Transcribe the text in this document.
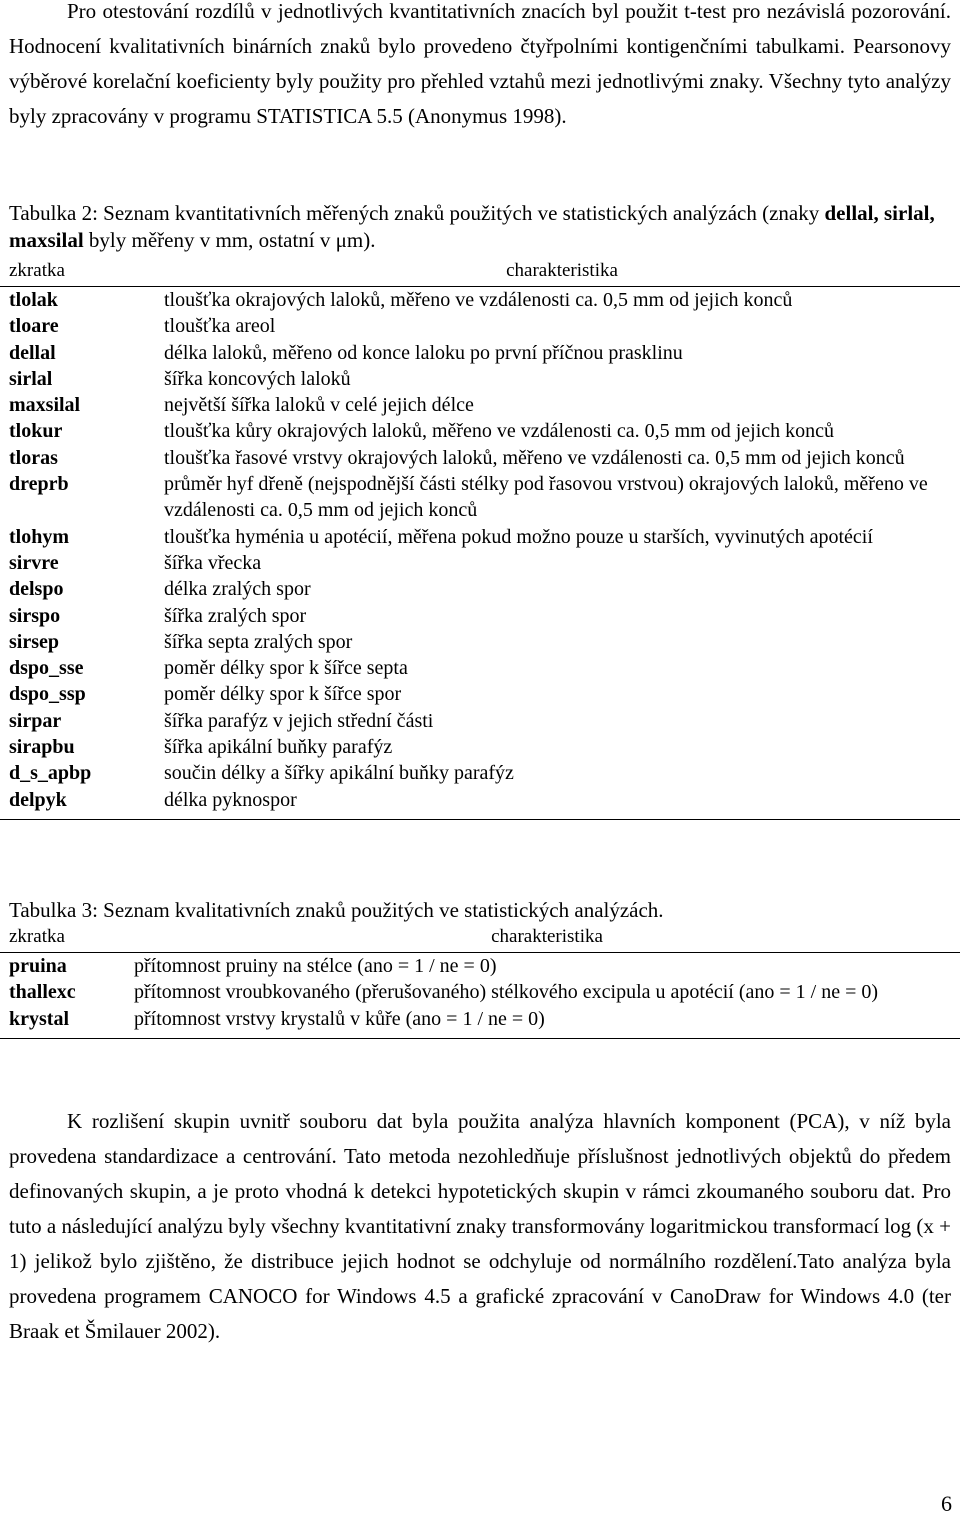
Pro otestování rozdílů v jednotlivých kvantitativních znacích byl použit t-test pro nezávislá pozorování. Hodnocení kvalitativních binárních znaků bylo provedeno čtyřpolními kontigenčními tabulkami. Pearsonovy výběrové korelační koeficienty byly použity pro přehled vztahů mezi jednotlivými znaky. Všechny tyto analýzy byly zpracovány v programu STATISTICA 5.5 (Anonymus 1998).

Tabulka 2: Seznam kvantitativních měřených znaků použitých ve statistických analýzách (znaky dellal, sirlal, maxsilal byly měřeny v mm, ostatní v μm).

zkratka	charakteristika
tlolak	tloušťka okrajových laloků, měřeno ve vzdálenosti ca. 0,5 mm od jejich konců
tloare	tloušťka areol
dellal	délka laloků, měřeno od konce laloku po první příčnou prasklinu
sirlal	šířka koncových laloků
maxsilal	největší šířka laloků v celé jejich délce
tlokur	tloušťka kůry okrajových laloků, měřeno ve vzdálenosti ca. 0,5 mm od jejich konců
tloras	tloušťka řasové vrstvy okrajových laloků, měřeno ve vzdálenosti ca. 0,5 mm od jejich konců
dreprb	průměr hyf dřeně (nejspodnější části stélky pod řasovou vrstvou) okrajových laloků, měřeno ve vzdálenosti ca. 0,5 mm od jejich konců
tlohym	tloušťka hyménia u apotécií, měřena pokud možno pouze u starších, vyvinutých apotécií
sirvre	šířka vřecka
delspo	délka zralých spor
sirspo	šířka zralých spor
sirsep	šířka septa zralých spor
dspo_sse	poměr délky spor k šířce septa
dspo_ssp	poměr délky spor k šířce spor
sirpar	šířka parafýz v jejich střední části
sirapbu	šířka apikální buňky parafýz
d_s_apbp	součin délky a šířky apikální buňky parafýz
delpyk	délka pyknospor

Tabulka 3: Seznam kvalitativních znaků použitých ve statistických analýzách.

zkratka	charakteristika
pruina	přítomnost pruiny na stélce (ano = 1 / ne = 0)
thallexc	přítomnost vroubkovaného (přerušovaného) stélkového excipula u apotécií (ano = 1 / ne = 0)
krystal	přítomnost vrstvy krystalů v kůře (ano = 1 / ne = 0)

K rozlišení skupin uvnitř souboru dat byla použita analýza hlavních komponent (PCA), v níž byla provedena standardizace a centrování. Tato metoda nezohledňuje příslušnost jednotlivých objektů do předem definovaných skupin, a je proto vhodná k detekci hypotetických skupin v rámci zkoumaného souboru dat. Pro tuto a následující analýzu byly všechny kvantitativní znaky transformovány logaritmickou transformací log (x + 1) jelikož bylo zjištěno, že distribuce jejich hodnot se odchyluje od normálního rozdělení.Tato analýza byla provedena programem CANOCO for Windows 4.5 a grafické zpracování v CanoDraw for Windows 4.0 (ter Braak et Šmilauer 2002).

6
